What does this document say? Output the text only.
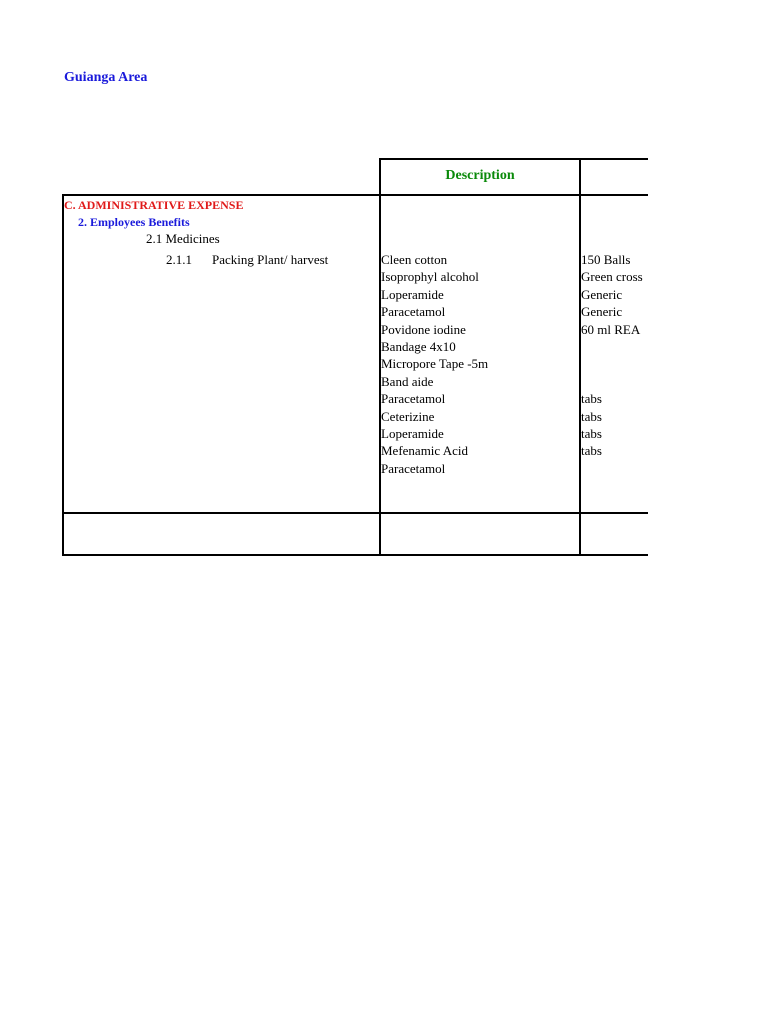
Guianga Area
Description
C. ADMINISTRATIVE EXPENSE
2. Employees Benefits
2.1 Medicines
2.1.1 Packing Plant/ harvest	Cleen cotton
Isoprophyl alcohol
Loperamide
Paracetamol
Povidone iodine
Bandage 4x10
Micropore Tape -5m
Band aide
Paracetamol
Ceterizine
Loperamide
Mefenamic Acid
Paracetamol
150 Balls
Green cross
Generic
Generic
60 ml REA
tabs
tabs
tabs
tabs
